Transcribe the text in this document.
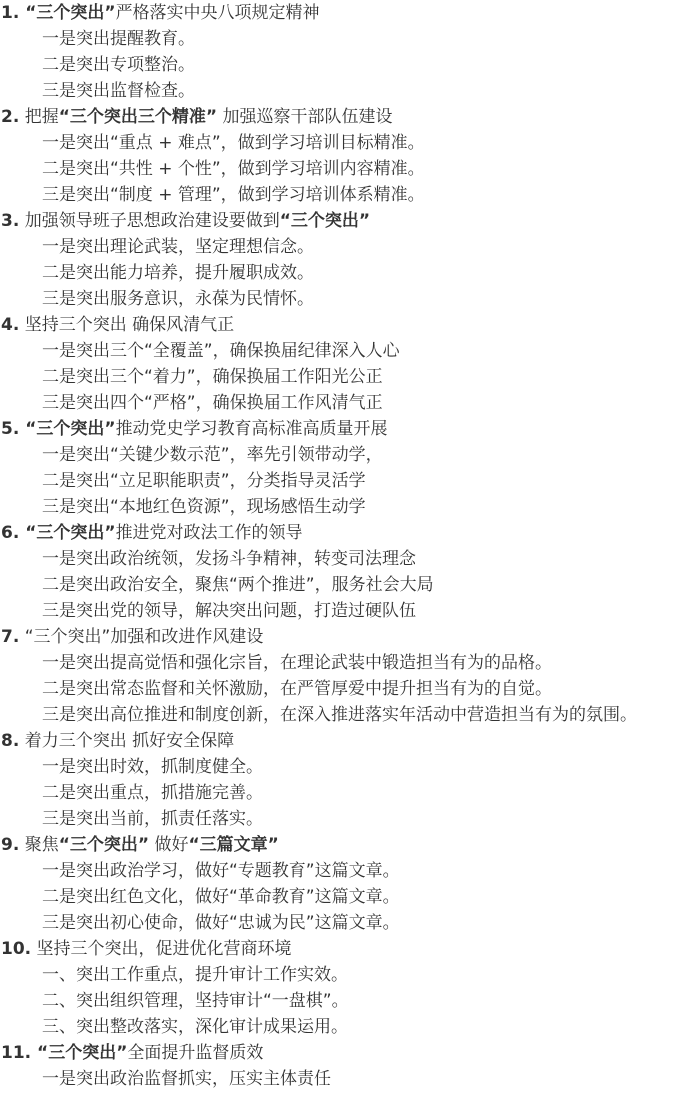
1. “三个突出”严格落实中央八项规定精神
一是突出提醒教育。
二是突出专项整治。
三是突出监督检查。
2. 把握“三个突出三个精准” 加强巡察干部队伍建设
一是突出“重点 + 难点”，做到学习培训目标精准。
二是突出“共性 + 个性”，做到学习培训内容精准。
三是突出“制度 + 管理”，做到学习培训体系精准。
3. 加强领导班子思想政治建设要做到“三个突出”
一是突出理论武装，坚定理想信念。
二是突出能力培养，提升履职成效。
三是突出服务意识，永葆为民情怀。
4. 坚持三个突出 确保风清气正
一是突出三个“全覆盖”，确保换届纪律深入人心
二是突出三个“着力”，确保换届工作阳光公正
三是突出四个“严格”，确保换届工作风清气正
5. “三个突出”推动党史学习教育高标准高质量开展
一是突出“关键少数示范”，率先引领带动学，
二是突出“立足职能职责”，分类指导灵活学
三是突出“本地红色资源”，现场感悟生动学
6. “三个突出”推进党对政法工作的领导
一是突出政治统领，发扬斗争精神，转变司法理念
二是突出政治安全，聚焦“两个推进”，服务社会大局
三是突出党的领导，解决突出问题，打造过硬队伍
7. “三个突出”加强和改进作风建设
一是突出提高觉悟和强化宗旨，在理论武装中锻造担当有为的品格。
二是突出常态监督和关怀激励，在严管厚爱中提升担当有为的自觉。
三是突出高位推进和制度创新，在深入推进落实年活动中营造担当有为的氛围。
8. 着力三个突出 抓好安全保障
一是突出时效，抓制度健全。
二是突出重点，抓措施完善。
三是突出当前，抓责任落实。
9. 聚焦“三个突出” 做好“三篇文章”
一是突出政治学习，做好“专题教育”这篇文章。
二是突出红色文化，做好“革命教育”这篇文章。
三是突出初心使命，做好“忠诚为民”这篇文章。
10. 坚持三个突出，促进优化营商环境
一、突出工作重点，提升审计工作实效。
二、突出组织管理，坚持审计“一盘棋”。
三、突出整改落实，深化审计成果运用。
11. “三个突出”全面提升监督质效
一是突出政治监督抓实，压实主体责任
